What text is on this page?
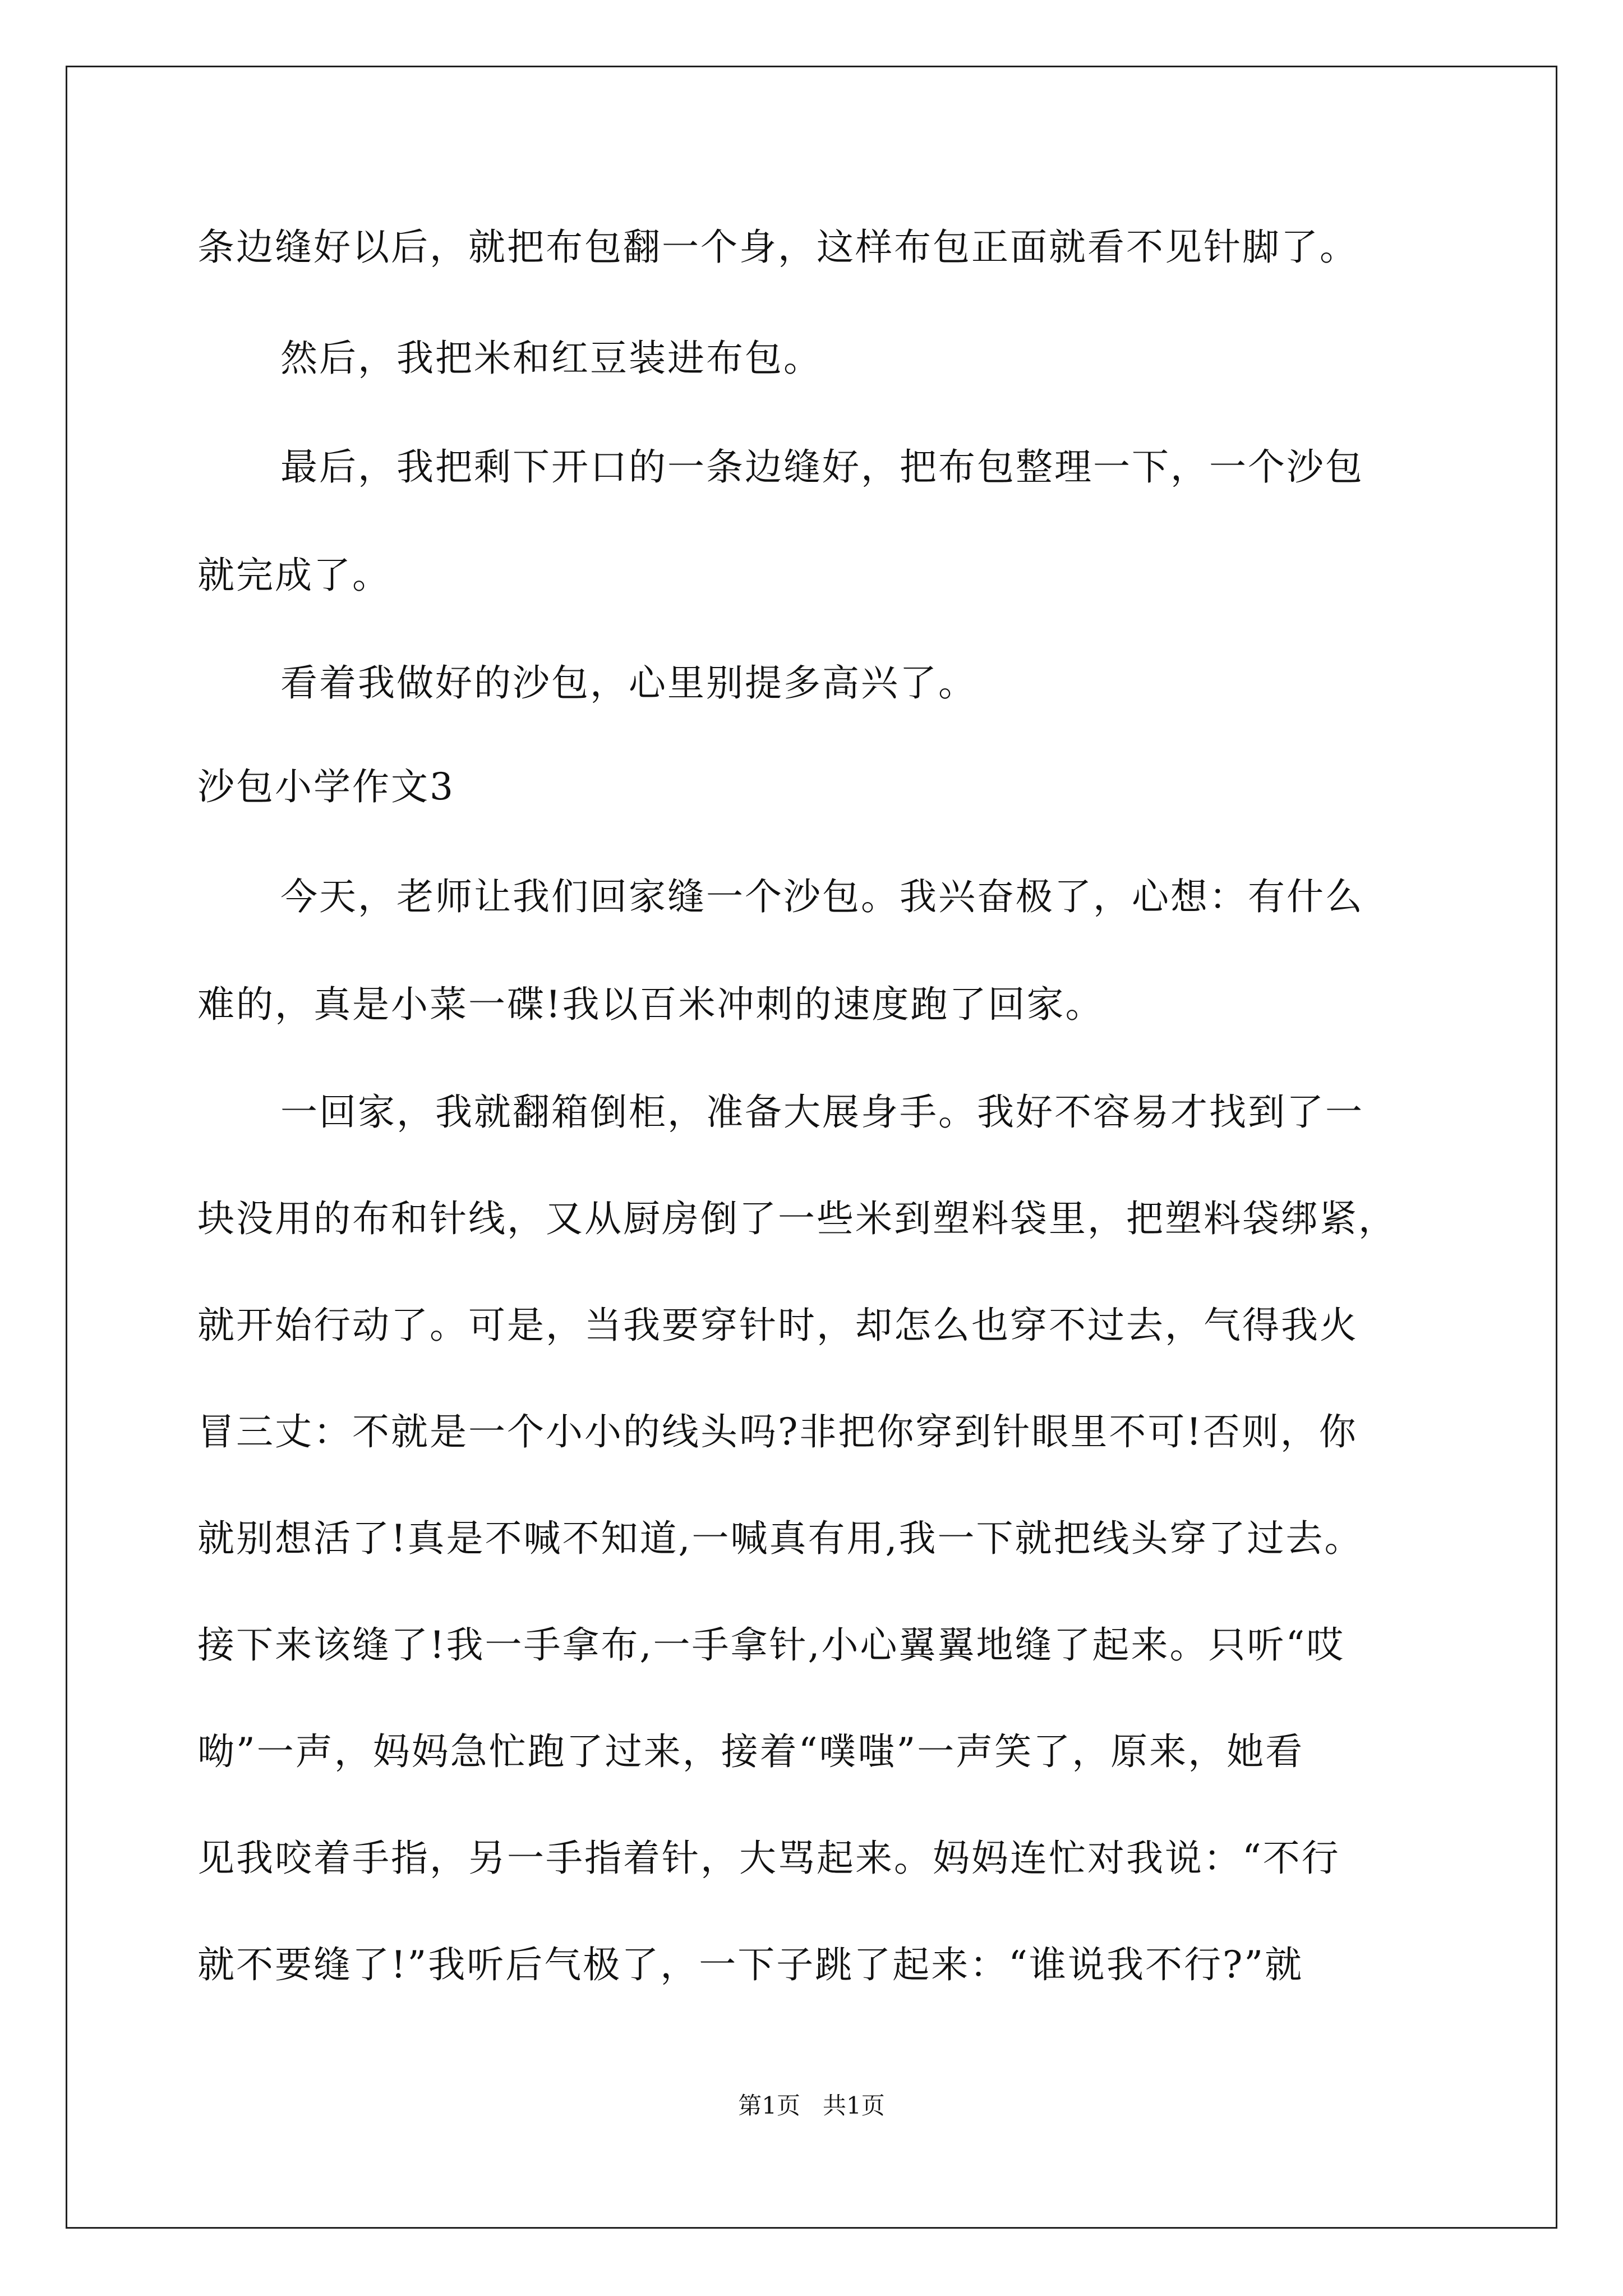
条边缝好以后，就把布包翻一个身，这样布包正面就看不见针脚了。
然后，我把米和红豆装进布包。
最后，我把剩下开口的一条边缝好，把布包整理一下，一个沙包
就完成了。
看着我做好的沙包，心里别提多高兴了。
沙包小学作文3
今天，老师让我们回家缝一个沙包。我兴奋极了，心想：有什么
难的，真是小菜一碟!我以百米冲刺的速度跑了回家。
一回家，我就翻箱倒柜，准备大展身手。我好不容易才找到了一
块没用的布和针线，又从厨房倒了一些米到塑料袋里，把塑料袋绑紧，
就开始行动了。可是，当我要穿针时，却怎么也穿不过去，气得我火
冒三丈：不就是一个小小的线头吗?非把你穿到针眼里不可!否则，你
就别想活了!真是不喊不知道,一喊真有用,我一下就把线头穿了过去。
接下来该缝了!我一手拿布,一手拿针,小心翼翼地缝了起来。只听“哎
呦”一声，妈妈急忙跑了过来，接着“噗嗤”一声笑了，原来，她看
见我咬着手指，另一手指着针，大骂起来。妈妈连忙对我说：“不行
就不要缝了!”我听后气极了，一下子跳了起来：“谁说我不行?”就
第1页   共1页
